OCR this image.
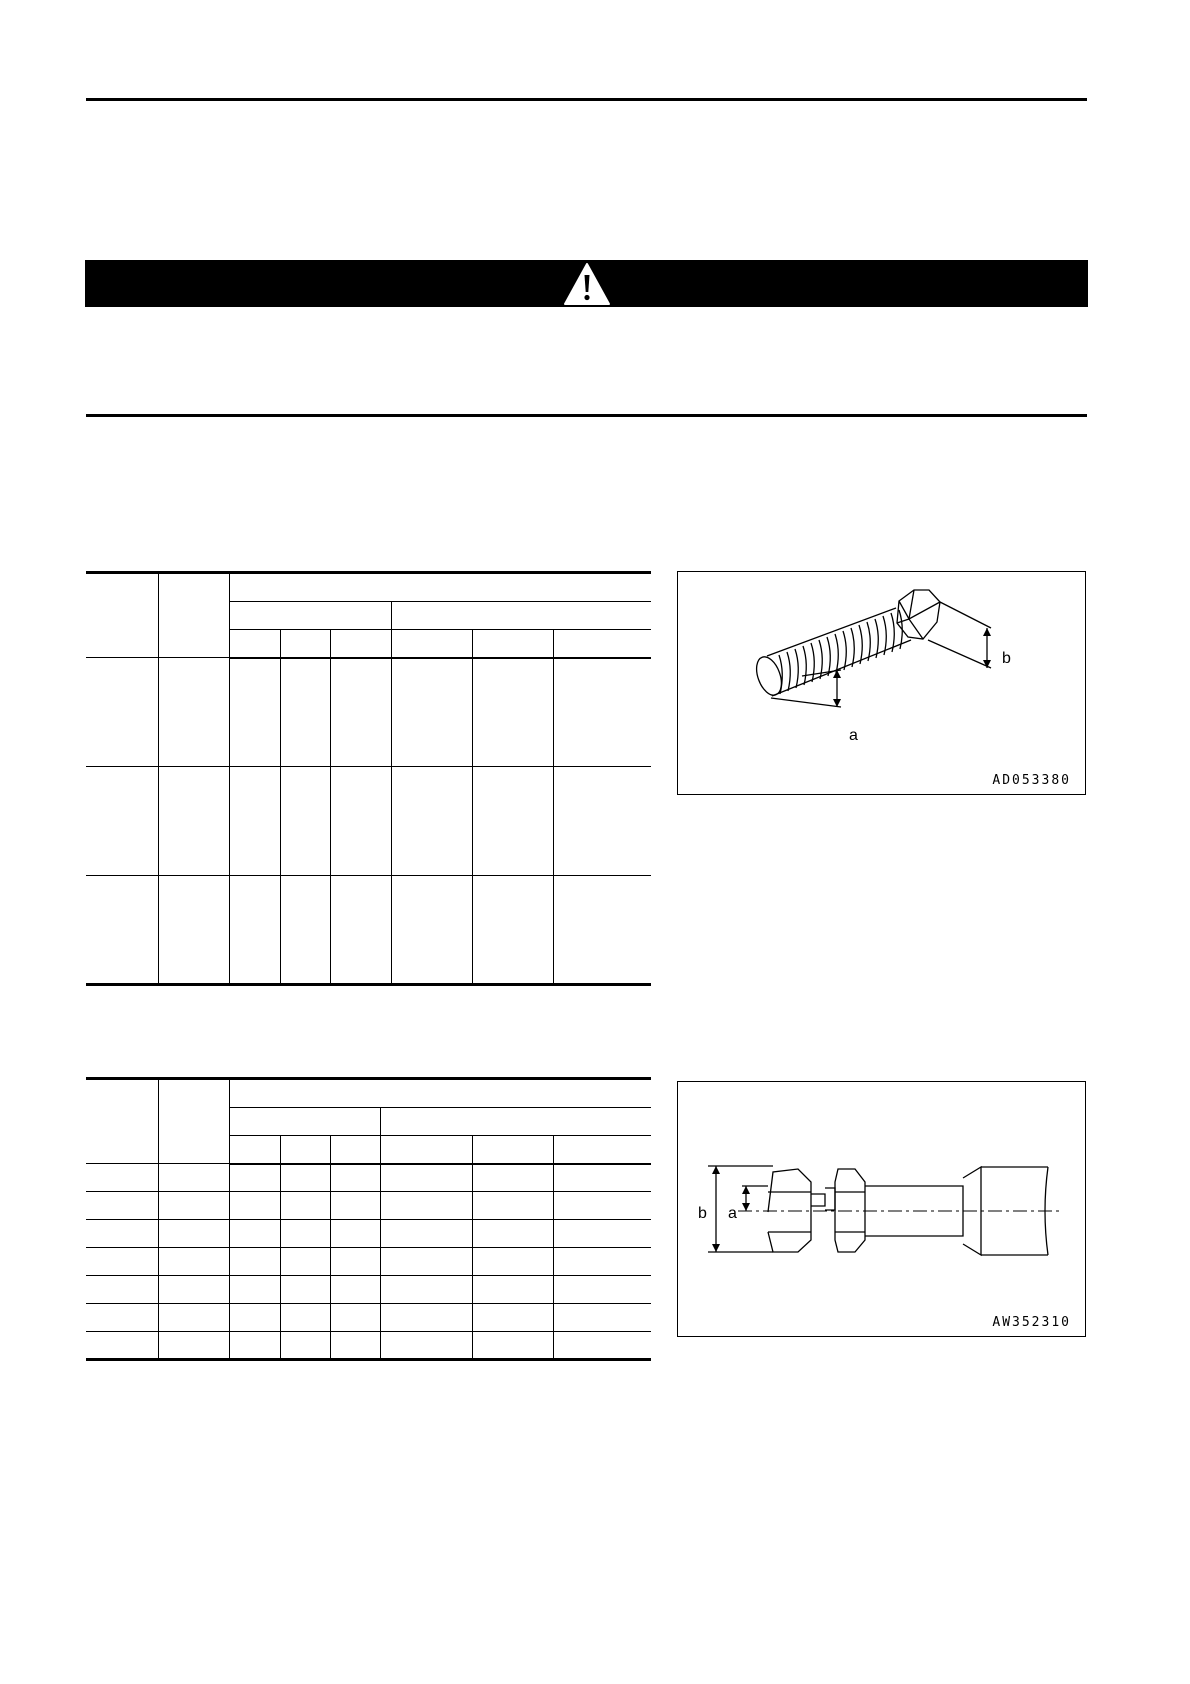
b
a
AD053380

b a
AW352310
